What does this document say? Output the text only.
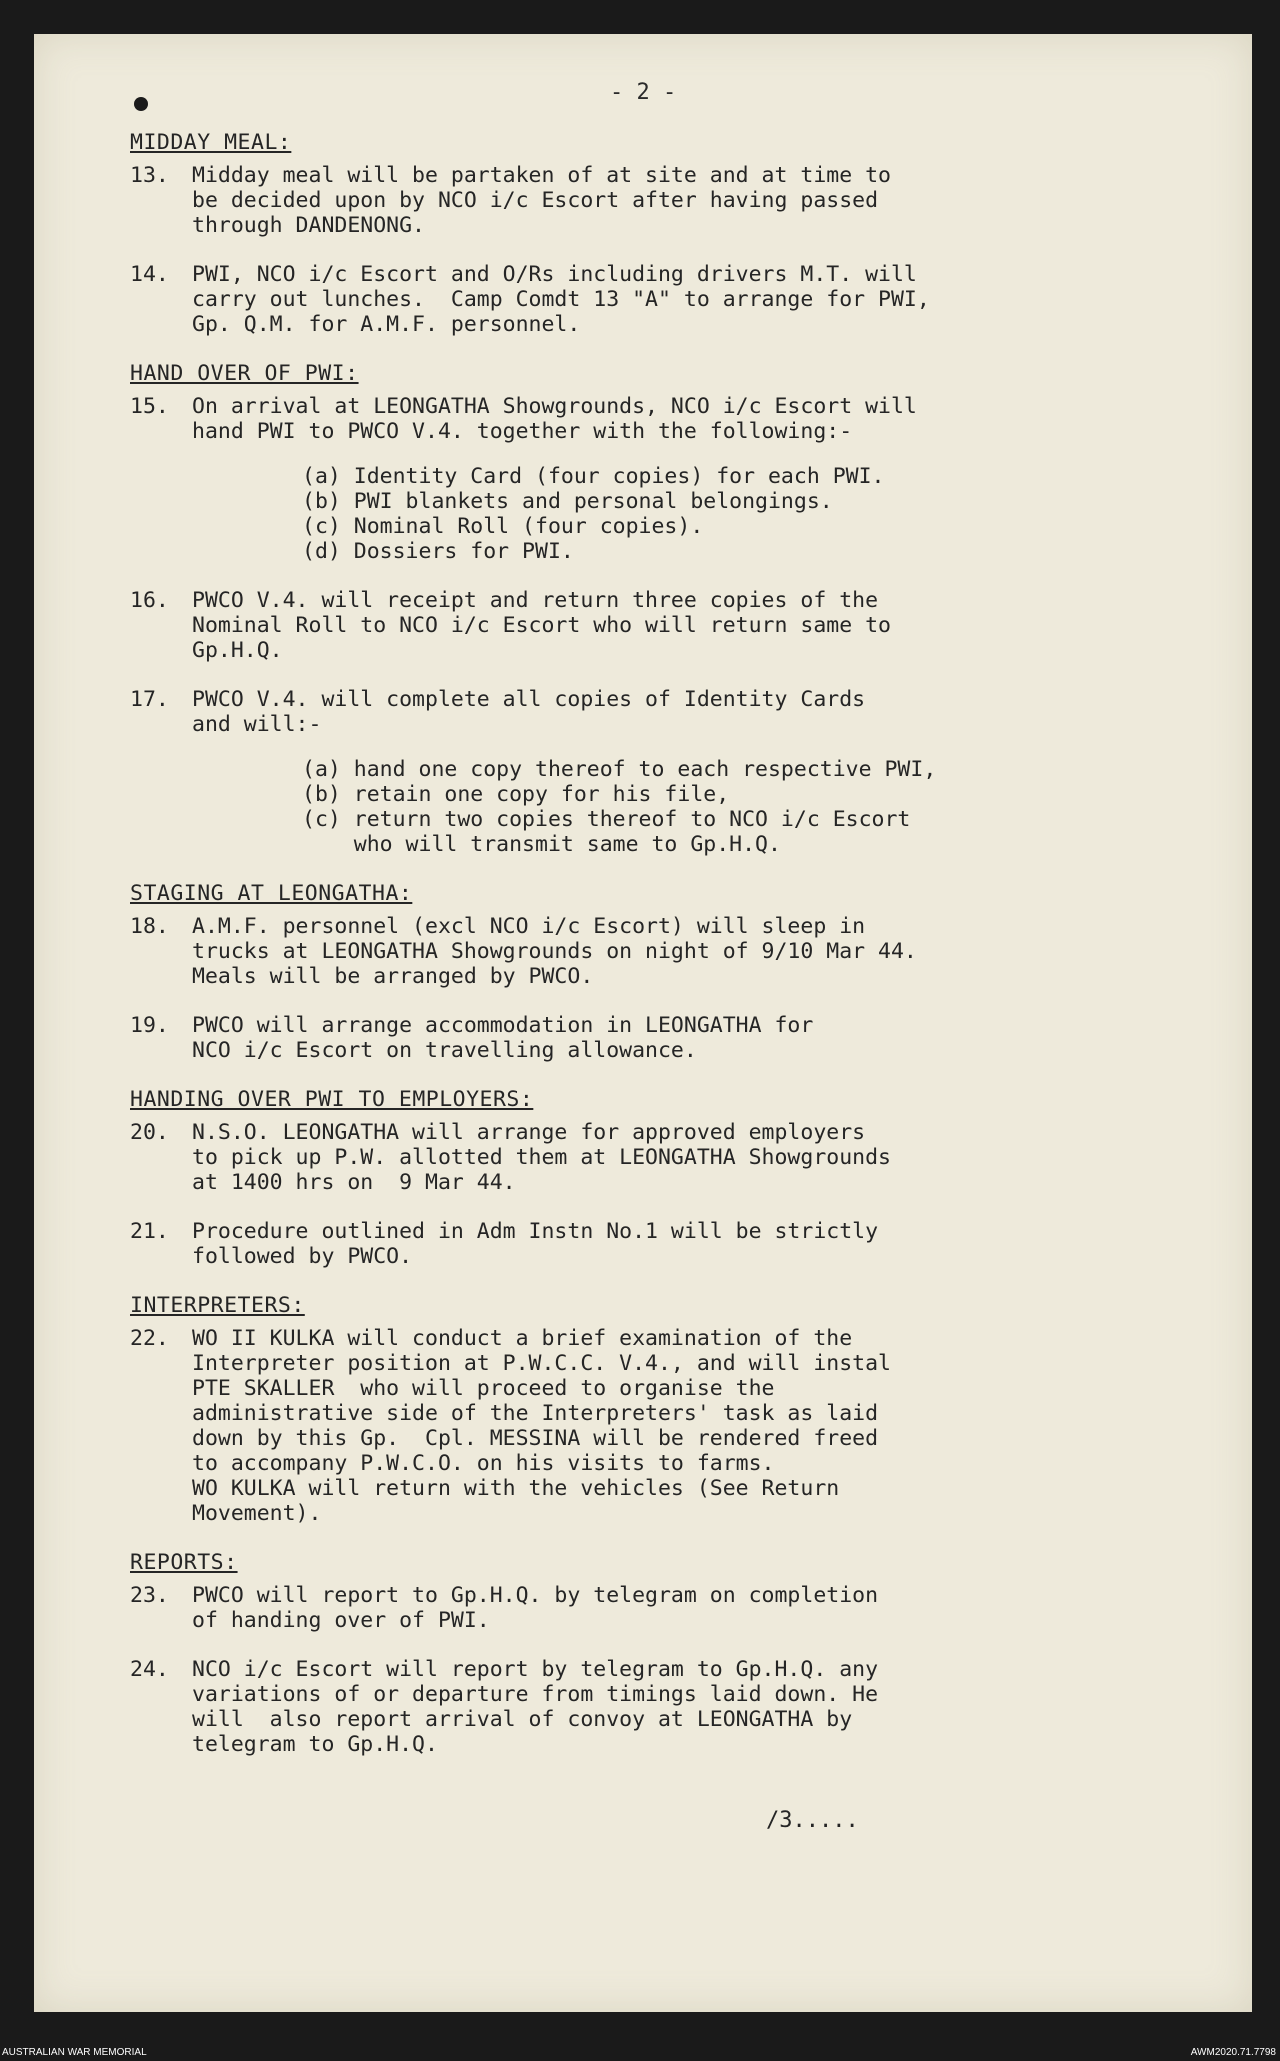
- 2 -
MIDDAY MEAL:
13.	Midday meal will be partaken of at site and at time to
be decided upon by NCO i/c Escort after having passed
through DANDENONG.
14.	PWI, NCO i/c Escort and O/Rs including drivers M.T. will
carry out lunches.  Camp Comdt 13 "A" to arrange for PWI,
Gp. Q.M. for A.M.F. personnel.
HAND OVER OF PWI:
15.	On arrival at LEONGATHA Showgrounds, NCO i/c Escort will
hand PWI to PWCO V.4. together with the following:-
(a) Identity Card (four copies) for each PWI.
(b) PWI blankets and personal belongings.
(c) Nominal Roll (four copies).
(d) Dossiers for PWI.
16.	PWCO V.4. will receipt and return three copies of the
Nominal Roll to NCO i/c Escort who will return same to
Gp.H.Q.
17.	PWCO V.4. will complete all copies of Identity Cards
and will:-
(a) hand one copy thereof to each respective PWI,
(b) retain one copy for his file,
(c) return two copies thereof to NCO i/c Escort
who will transmit same to Gp.H.Q.
STAGING AT LEONGATHA:
18.	A.M.F. personnel (excl NCO i/c Escort) will sleep in
trucks at LEONGATHA Showgrounds on night of 9/10 Mar 44.
Meals will be arranged by PWCO.
19.	PWCO will arrange accommodation in LEONGATHA for
NCO i/c Escort on travelling allowance.
HANDING OVER PWI TO EMPLOYERS:
20.	N.S.O. LEONGATHA will arrange for approved employers
to pick up P.W. allotted them at LEONGATHA Showgrounds
at 1400 hrs on  9 Mar 44.
21.	Procedure outlined in Adm Instn No.1 will be strictly
followed by PWCO.
INTERPRETERS:
22.	WO II KULKA will conduct a brief examination of the
Interpreter position at P.W.C.C. V.4., and will instal
PTE SKALLER  who will proceed to organise the
administrative side of the Interpreters' task as laid
down by this Gp.  Cpl. MESSINA will be rendered freed
to accompany P.W.C.O. on his visits to farms.
WO KULKA will return with the vehicles (See Return
Movement).
REPORTS:
23.	PWCO will report to Gp.H.Q. by telegram on completion
of handing over of PWI.
24.	NCO i/c Escort will report by telegram to Gp.H.Q. any
variations of or departure from timings laid down. He
will  also report arrival of convoy at LEONGATHA by
telegram to Gp.H.Q.
/3.....
AUSTRALIAN WAR MEMORIAL	AWM2020.71.7798
